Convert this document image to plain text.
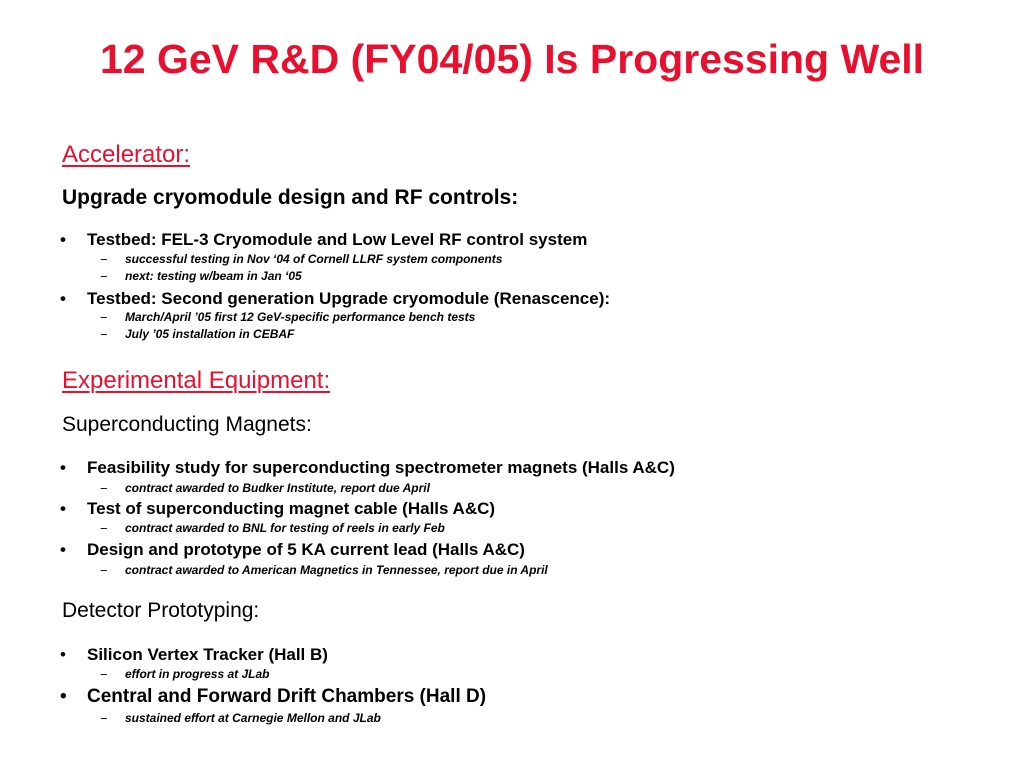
12 GeV R&D (FY04/05) Is Progressing Well
Accelerator:
Upgrade cryomodule design and RF controls:
• Testbed: FEL-3 Cryomodule and Low Level RF control system
− successful testing in Nov ‘04 of Cornell LLRF system components
− next: testing w/beam in Jan ‘05
• Testbed: Second generation Upgrade cryomodule (Renascence):
− March/April ’05 first 12 GeV-specific performance bench tests
− July ’05 installation in CEBAF
Experimental Equipment:
Superconducting Magnets:
• Feasibility study for superconducting spectrometer magnets (Halls A&C)
− contract awarded to Budker Institute, report due April
• Test of superconducting magnet cable (Halls A&C)
− contract awarded to BNL for testing of reels in early Feb
• Design and prototype of 5 KA current lead (Halls A&C)
− contract awarded to American Magnetics in Tennessee, report due in April
Detector Prototyping:
• Silicon Vertex Tracker (Hall B)
− effort in progress at JLab
• Central and Forward Drift Chambers (Hall D)
− sustained effort at Carnegie Mellon and JLab
